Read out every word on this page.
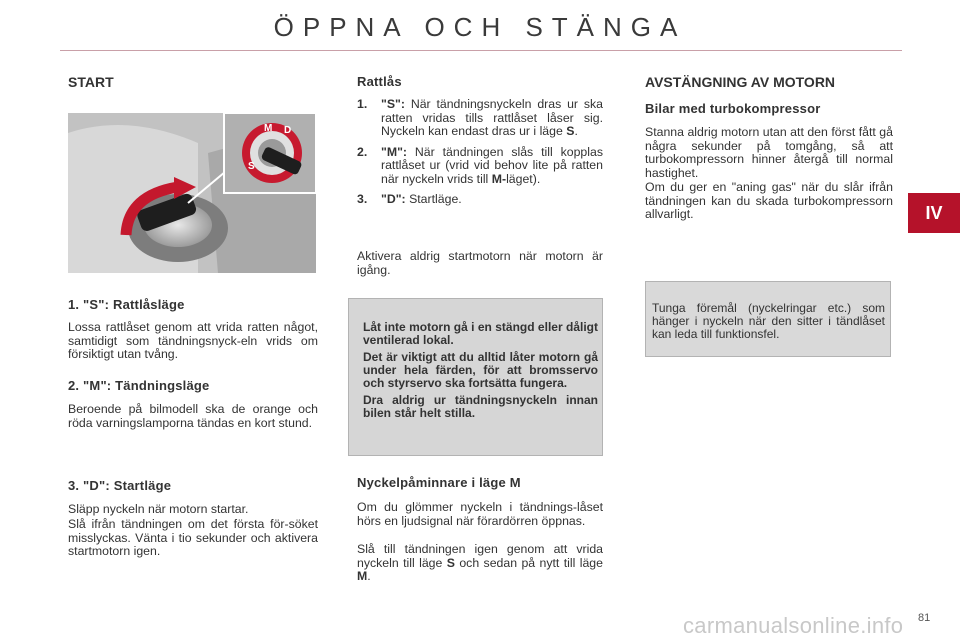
ÖPPNA OCH STÄNGA
IV
START
S
M D
1. "S": Rattlåsläge
Lossa rattlåset genom att vrida ratten något, samtidigt som tändningsnyck-eln vrids om försiktigt utan tvång.
2. "M": Tändningsläge
Beroende på bilmodell ska de orange och röda varningslamporna tändas en kort stund.
3. "D": Startläge
Släpp nyckeln när motorn startar.
Slå ifrån tändningen om det första för-söket misslyckas. Vänta i tio sekunder och aktivera startmotorn igen.
Rattlås
1. "S": När tändningsnyckeln dras ur ska ratten vridas tills rattlåset låser sig. Nyckeln kan endast dras ur i läge S.
2. "M": När tändningen slås till kopplas rattlåset ur (vrid vid behov lite på ratten när nyckeln vrids till M-läget).
3. "D": Startläge.
Aktivera aldrig startmotorn när motorn är igång.
Låt inte motorn gå i en stängd eller dåligt ventilerad lokal.
Det är viktigt att du alltid låter motorn gå under hela färden, för att bromsservo och styrservo ska fortsätta fungera.
Dra aldrig ur tändningsnyckeln innan bilen står helt stilla.
Nyckelpåminnare i läge M
Om du glömmer nyckeln i tändnings-låset hörs en ljudsignal när förardörren öppnas.
Slå till tändningen igen genom att vrida nyckeln till läge S och sedan på nytt till läge M.
AVSTÄNGNING AV MOTORN
Bilar med turbokompressor
Stanna aldrig motorn utan att den först fått gå några sekunder på tomgång, så att turbokompressorn hinner återgå till normal hastighet.
Om du ger en "aning gas" när du slår ifrån tändningen kan du skada turbokompressorn allvarligt.
Tunga föremål (nyckelringar etc.) som hänger i nyckeln när den sitter i tändlåset kan leda till funktionsfel.
carmanualsonline.info 81
